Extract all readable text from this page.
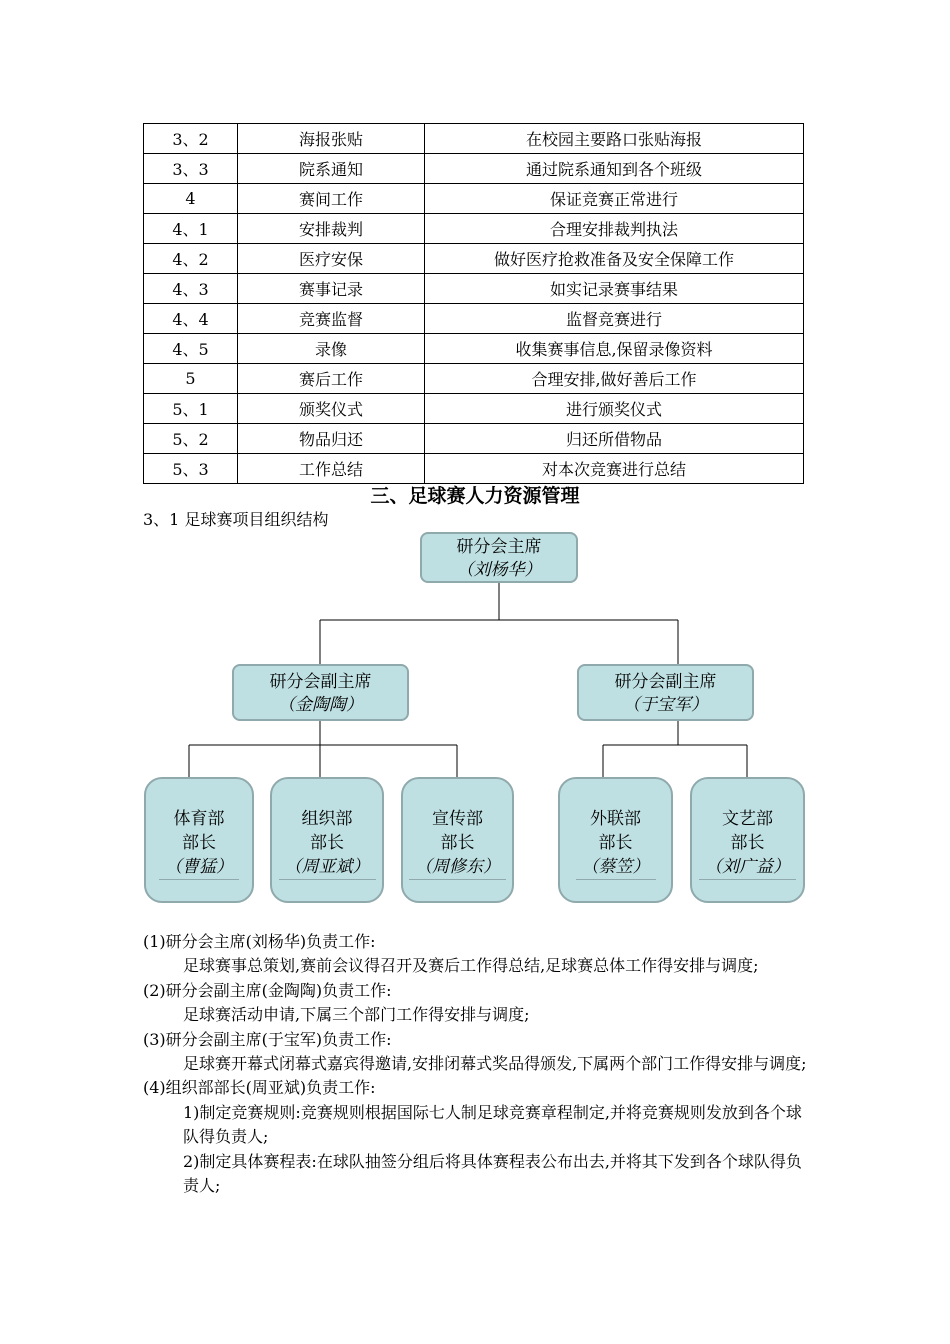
3、2	海报张贴	在校园主要路口张贴海报
3、3	院系通知	通过院系通知到各个班级
4	赛间工作	保证竞赛正常进行
4、1	安排裁判	合理安排裁判执法
4、2	医疗安保	做好医疗抢救准备及安全保障工作
4、3	赛事记录	如实记录赛事结果
4、4	竞赛监督	监督竞赛进行
4、5	录像	收集赛事信息,保留录像资料
5	赛后工作	合理安排,做好善后工作
5、1	颁奖仪式	进行颁奖仪式
5、2	物品归还	归还所借物品
5、3	工作总结	对本次竞赛进行总结
三、足球赛人力资源管理
3、1 足球赛项目组织结构
研分会主席
（刘杨华）
研分会副主席
（金陶陶）
研分会副主席
（于宝军）
体育部
部长
（曹猛）
组织部
部长
（周亚斌）
宣传部
部长
（周修东）
外联部
部长
（蔡笠）
文艺部
部长
（刘广益）

(1)研分会主席(刘杨华)负责工作:

足球赛事总策划,赛前会议得召开及赛后工作得总结,足球赛总体工作得安排与调度;

(2)研分会副主席(金陶陶)负责工作:

足球赛活动申请,下属三个部门工作得安排与调度;

(3)研分会副主席(于宝军)负责工作:

足球赛开幕式闭幕式嘉宾得邀请,安排闭幕式奖品得颁发,下属两个部门工作得安排与调度;

(4)组织部部长(周亚斌)负责工作:

1)制定竞赛规则:竞赛规则根据国际七人制足球竞赛章程制定,并将竞赛规则发放到各个球队得负责人;

2)制定具体赛程表:在球队抽签分组后将具体赛程表公布出去,并将其下发到各个球队得负责人;
